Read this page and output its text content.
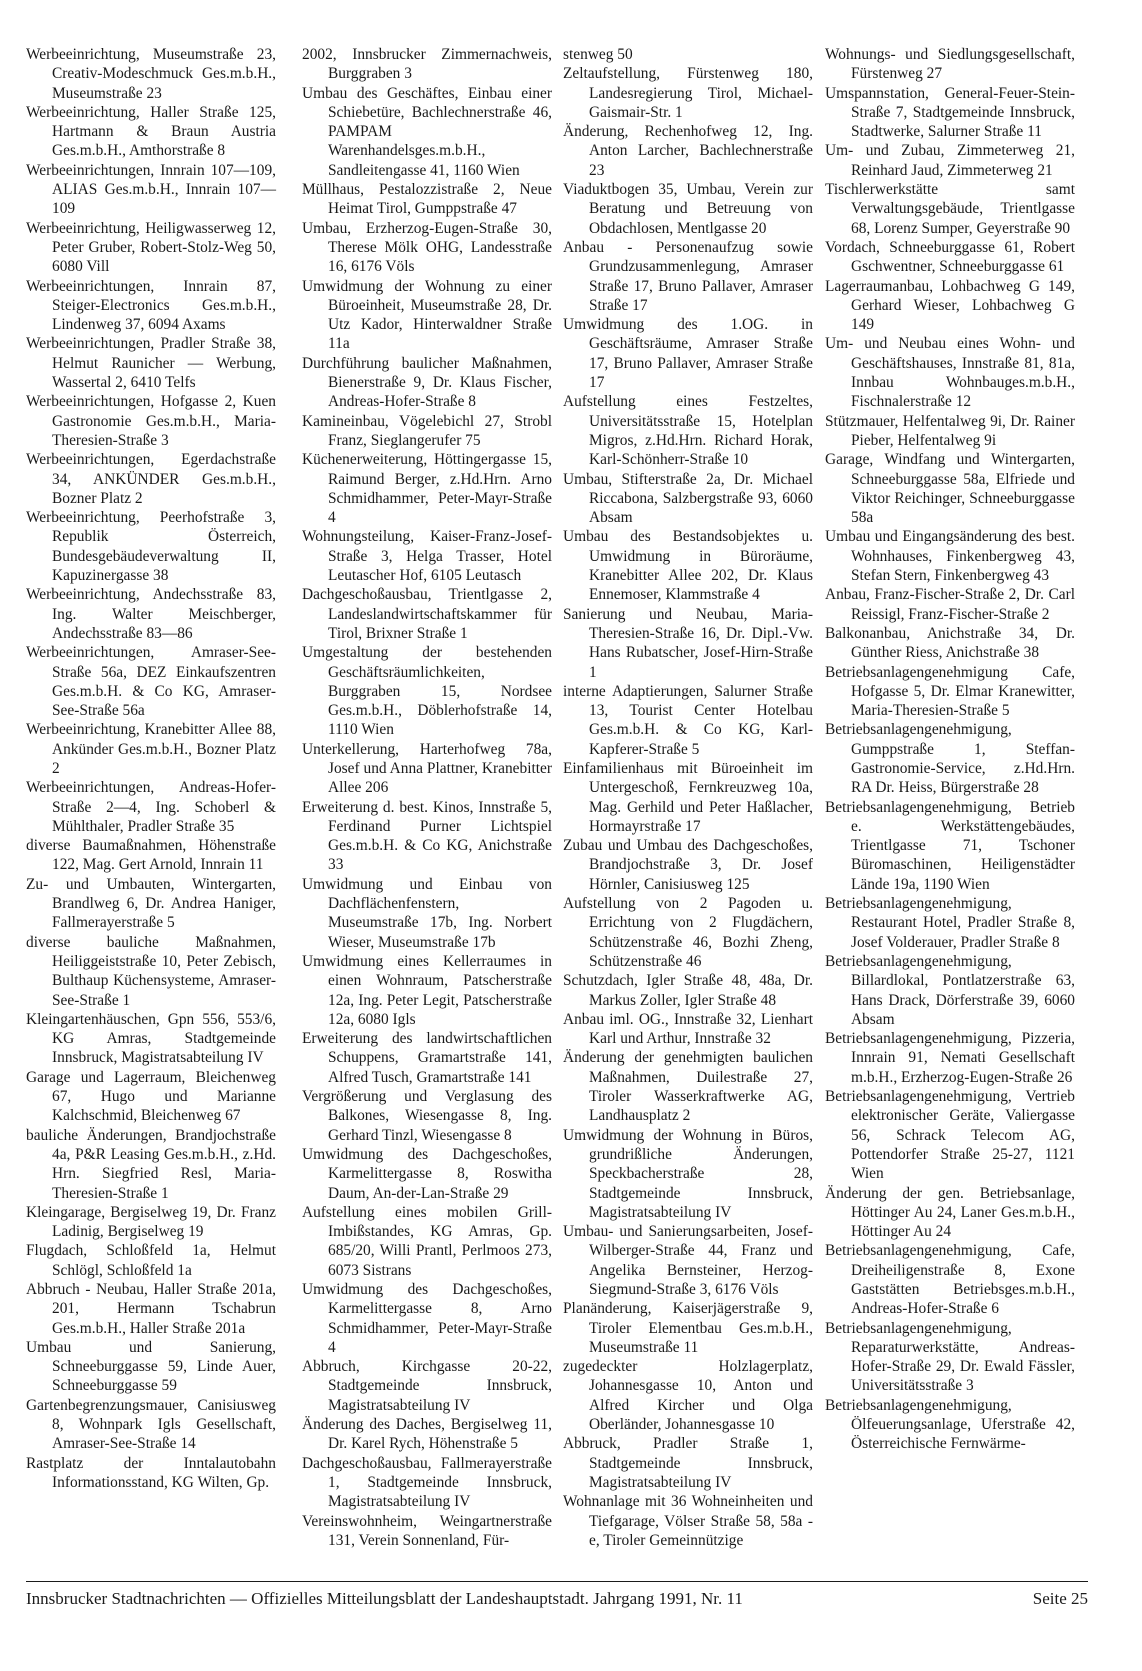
Werbeeinrichtung, Museumstraße 23, Creativ-Modeschmuck Ges.m.b.H., Museumstraße 23

Werbeeinrichtung, Haller Straße 125, Hartmann & Braun Austria Ges.m.b.H., Amthorstraße 8

Werbeeinrichtungen, Innrain 107—109, ALIAS Ges.m.b.H., Innrain 107—109

Werbeeinrichtung, Heiligwasserweg 12, Peter Gruber, Robert-Stolz-Weg 50, 6080 Vill

Werbeeinrichtungen, Innrain 87, Steiger-Electronics Ges.m.b.H., Lindenweg 37, 6094 Axams

Werbeeinrichtungen, Pradler Straße 38, Helmut Raunicher — Werbung, Wassertal 2, 6410 Telfs

Werbeeinrichtungen, Hofgasse 2, Kuen Gastronomie Ges.m.b.H., Maria-Theresien-Straße 3

Werbeeinrichtungen, Egerdachstraße 34, ANKÜNDER Ges.m.b.H., Bozner Platz 2

Werbeeinrichtung, Peerhofstraße 3, Republik Österreich, Bundesgebäudeverwaltung II, Kapuzinergasse 38

Werbeeinrichtung, Andechsstraße 83, Ing. Walter Meischberger, Andechsstraße 83—86

Werbeeinrichtungen, Amraser-See-Straße 56a, DEZ Einkaufszentren Ges.m.b.H. & Co KG, Amraser-See-Straße 56a

Werbeeinrichtung, Kranebitter Allee 88, Ankünder Ges.m.b.H., Bozner Platz 2

Werbeeinrichtungen, Andreas-Hofer-Straße 2—4, Ing. Schoberl & Mühlthaler, Pradler Straße 35

diverse Baumaßnahmen, Höhenstraße 122, Mag. Gert Arnold, Innrain 11

Zu- und Umbauten, Wintergarten, Brandlweg 6, Dr. Andrea Haniger, Fallmerayerstraße 5

diverse bauliche Maßnahmen, Heiliggeiststraße 10, Peter Zebisch, Bulthaup Küchensysteme, Amraser-See-Straße 1

Kleingartenhäuschen, Gpn 556, 553/6, KG Amras, Stadtgemeinde Innsbruck, Magistratsabteilung IV

Garage und Lagerraum, Bleichenweg 67, Hugo und Marianne Kalchschmid, Bleichenweg 67

bauliche Änderungen, Brandjochstraße 4a, P&R Leasing Ges.m.b.H., z.Hd. Hrn. Siegfried Resl, Maria-Theresien-Straße 1

Kleingarage, Bergiselweg 19, Dr. Franz Ladinig, Bergiselweg 19

Flugdach, Schloßfeld 1a, Helmut Schlögl, Schloßfeld 1a

Abbruch - Neubau, Haller Straße 201a, 201, Hermann Tschabrun Ges.m.b.H., Haller Straße 201a

Umbau und Sanierung, Schneeburggasse 59, Linde Auer, Schneeburggasse 59

Gartenbegrenzungsmauer, Canisiusweg 8, Wohnpark Igls Gesellschaft, Amraser-See-Straße 14

Rastplatz der Inntalautobahn Informationsstand, KG Wilten, Gp.

2002, Innsbrucker Zimmernachweis, Burggraben 3

Umbau des Geschäftes, Einbau einer Schiebetüre, Bachlechnerstraße 46, PAMPAM Warenhandelsges.m.b.H., Sandleitengasse 41, 1160 Wien

Müllhaus, Pestalozzistraße 2, Neue Heimat Tirol, Gumppstraße 47

Umbau, Erzherzog-Eugen-Straße 30, Therese Mölk OHG, Landesstraße 16, 6176 Völs

Umwidmung der Wohnung zu einer Büroeinheit, Museumstraße 28, Dr. Utz Kador, Hinterwaldner Straße 11a

Durchführung baulicher Maßnahmen, Bienerstraße 9, Dr. Klaus Fischer, Andreas-Hofer-Straße 8

Kamineinbau, Vögelebichl 27, Strobl Franz, Sieglangerufer 75

Küchenerweiterung, Höttingergasse 15, Raimund Berger, z.Hd.Hrn. Arno Schmidhammer, Peter-Mayr-Straße 4

Wohnungsteilung, Kaiser-Franz-Josef-Straße 3, Helga Trasser, Hotel Leutascher Hof, 6105 Leutasch

Dachgeschoßausbau, Trientlgasse 2, Landeslandwirtschaftskammer für Tirol, Brixner Straße 1

Umgestaltung der bestehenden Geschäftsräumlichkeiten, Burggraben 15, Nordsee Ges.m.b.H., Döblerhofstraße 14, 1110 Wien

Unterkellerung, Harterhofweg 78a, Josef und Anna Plattner, Kranebitter Allee 206

Erweiterung d. best. Kinos, Innstraße 5, Ferdinand Purner Lichtspiel Ges.m.b.H. & Co KG, Anichstraße 33

Umwidmung und Einbau von Dachflächenfenstern, Museumstraße 17b, Ing. Norbert Wieser, Museumstraße 17b

Umwidmung eines Kellerraumes in einen Wohnraum, Patscherstraße 12a, Ing. Peter Legit, Patscherstraße 12a, 6080 Igls

Erweiterung des landwirtschaftlichen Schuppens, Gramartstraße 141, Alfred Tusch, Gramartstraße 141

Vergrößerung und Verglasung des Balkones, Wiesengasse 8, Ing. Gerhard Tinzl, Wiesengasse 8

Umwidmung des Dachgeschoßes, Karmelittergasse 8, Roswitha Daum, An-der-Lan-Straße 29

Aufstellung eines mobilen Grill-Imbißstandes, KG Amras, Gp. 685/20, Willi Prantl, Perlmoos 273, 6073 Sistrans

Umwidmung des Dachgeschoßes, Karmelittergasse 8, Arno Schmidhammer, Peter-Mayr-Straße 4

Abbruch, Kirchgasse 20-22, Stadtgemeinde Innsbruck, Magistratsabteilung IV

Änderung des Daches, Bergiselweg 11, Dr. Karel Rych, Höhenstraße 5

Dachgeschoßausbau, Fallmerayerstraße 1, Stadtgemeinde Innsbruck, Magistratsabteilung IV

Vereinswohnheim, Weingartnerstraße 131, Verein Sonnenland, Für-

stenweg 50

Zeltaufstellung, Fürstenweg 180, Landesregierung Tirol, Michael-Gaismair-Str. 1

Änderung, Rechenhofweg 12, Ing. Anton Larcher, Bachlechnerstraße 23

Viaduktbogen 35, Umbau, Verein zur Beratung und Betreuung von Obdachlosen, Mentlgasse 20

Anbau - Personenaufzug sowie Grundzusammenlegung, Amraser Straße 17, Bruno Pallaver, Amraser Straße 17

Umwidmung des 1.OG. in Geschäftsräume, Amraser Straße 17, Bruno Pallaver, Amraser Straße 17

Aufstellung eines Festzeltes, Universitätsstraße 15, Hotelplan Migros, z.Hd.Hrn. Richard Horak, Karl-Schönherr-Straße 10

Umbau, Stifterstraße 2a, Dr. Michael Riccabona, Salzbergstraße 93, 6060 Absam

Umbau des Bestandsobjektes u. Umwidmung in Büroräume, Kranebitter Allee 202, Dr. Klaus Ennemoser, Klammstraße 4

Sanierung und Neubau, Maria-Theresien-Straße 16, Dr. Dipl.-Vw. Hans Rubatscher, Josef-Hirn-Straße 1

interne Adaptierungen, Salurner Straße 13, Tourist Center Hotelbau Ges.m.b.H. & Co KG, Karl-Kapferer-Straße 5

Einfamilienhaus mit Büroeinheit im Untergeschoß, Fernkreuzweg 10a, Mag. Gerhild und Peter Haßlacher, Hormayrstraße 17

Zubau und Umbau des Dachgeschoßes, Brandjochstraße 3, Dr. Josef Hörnler, Canisiusweg 125

Aufstellung von 2 Pagoden u. Errichtung von 2 Flugdächern, Schützenstraße 46, Bozhi Zheng, Schützenstraße 46

Schutzdach, Igler Straße 48, 48a, Dr. Markus Zoller, Igler Straße 48

Anbau iml. OG., Innstraße 32, Lienhart Karl und Arthur, Innstraße 32

Änderung der genehmigten baulichen Maßnahmen, Duilestraße 27, Tiroler Wasserkraftwerke AG, Landhausplatz 2

Umwidmung der Wohnung in Büros, grundrißliche Änderungen, Speckbacherstraße 28, Stadtgemeinde Innsbruck, Magistratsabteilung IV

Umbau- und Sanierungsarbeiten, Josef-Wilberger-Straße 44, Franz und Angelika Bernsteiner, Herzog-Siegmund-Straße 3, 6176 Völs

Planänderung, Kaiserjägerstraße 9, Tiroler Elementbau Ges.m.b.H., Museumstraße 11

zugedeckter Holzlagerplatz, Johannesgasse 10, Anton und Alfred Kircher und Olga Oberländer, Johannesgasse 10

Abbruck, Pradler Straße 1, Stadtgemeinde Innsbruck, Magistratsabteilung IV

Wohnanlage mit 36 Wohneinheiten und Tiefgarage, Völser Straße 58, 58a - e, Tiroler Gemeinnützige

Wohnungs- und Siedlungsgesellschaft, Fürstenweg 27

Umspannstation, General-Feuer-Stein-Straße 7, Stadtgemeinde Innsbruck, Stadtwerke, Salurner Straße 11

Um- und Zubau, Zimmeterweg 21, Reinhard Jaud, Zimmeterweg 21

Tischlerwerkstätte samt Verwaltungsgebäude, Trientlgasse 68, Lorenz Sumper, Geyerstraße 90

Vordach, Schneeburggasse 61, Robert Gschwentner, Schneeburggasse 61

Lagerraumanbau, Lohbachweg G 149, Gerhard Wieser, Lohbachweg G 149

Um- und Neubau eines Wohn- und Geschäftshauses, Innstraße 81, 81a, Innbau Wohnbauges.m.b.H., Fischnalerstraße 12

Stützmauer, Helfentalweg 9i, Dr. Rainer Pieber, Helfentalweg 9i

Garage, Windfang und Wintergarten, Schneeburggasse 58a, Elfriede und Viktor Reichinger, Schneeburggasse 58a

Umbau und Eingangsänderung des best. Wohnhauses, Finkenbergweg 43, Stefan Stern, Finkenbergweg 43

Anbau, Franz-Fischer-Straße 2, Dr. Carl Reissigl, Franz-Fischer-Straße 2

Balkonanbau, Anichstraße 34, Dr. Günther Riess, Anichstraße 38

Betriebsanlagengenehmigung Cafe, Hofgasse 5, Dr. Elmar Kranewitter, Maria-Theresien-Straße 5

Betriebsanlagengenehmigung, Gumppstraße 1, Steffan-Gastronomie-Service, z.Hd.Hrn. RA Dr. Heiss, Bürgerstraße 28

Betriebsanlagengenehmigung, Betrieb e. Werkstättengebäudes, Trientlgasse 71, Tschoner Büromaschinen, Heiligenstädter Lände 19a, 1190 Wien

Betriebsanlagengenehmigung, Restaurant Hotel, Pradler Straße 8, Josef Volderauer, Pradler Straße 8

Betriebsanlagengenehmigung, Billardlokal, Pontlatzerstraße 63, Hans Drack, Dörferstraße 39, 6060 Absam

Betriebsanlagengenehmigung, Pizzeria, Innrain 91, Nemati Gesellschaft m.b.H., Erzherzog-Eugen-Straße 26

Betriebsanlagengenehmigung, Vertrieb elektronischer Geräte, Valiergasse 56, Schrack Telecom AG, Pottendorfer Straße 25-27, 1121 Wien

Änderung der gen. Betriebsanlage, Höttinger Au 24, Laner Ges.m.b.H., Höttinger Au 24

Betriebsanlagengenehmigung, Cafe, Dreiheiligenstraße 8, Exone Gaststätten Betriebsges.m.b.H., Andreas-Hofer-Straße 6

Betriebsanlagengenehmigung, Reparaturwerkstätte, Andreas-Hofer-Straße 29, Dr. Ewald Fässler, Universitätsstraße 3

Betriebsanlagengenehmigung, Ölfeuerungsanlage, Uferstraße 42, Österreichische Fernwärme-

Innsbrucker Stadtnachrichten — Offizielles Mitteilungsblatt der Landeshauptstadt. Jahrgang 1991, Nr. 11	Seite 25
